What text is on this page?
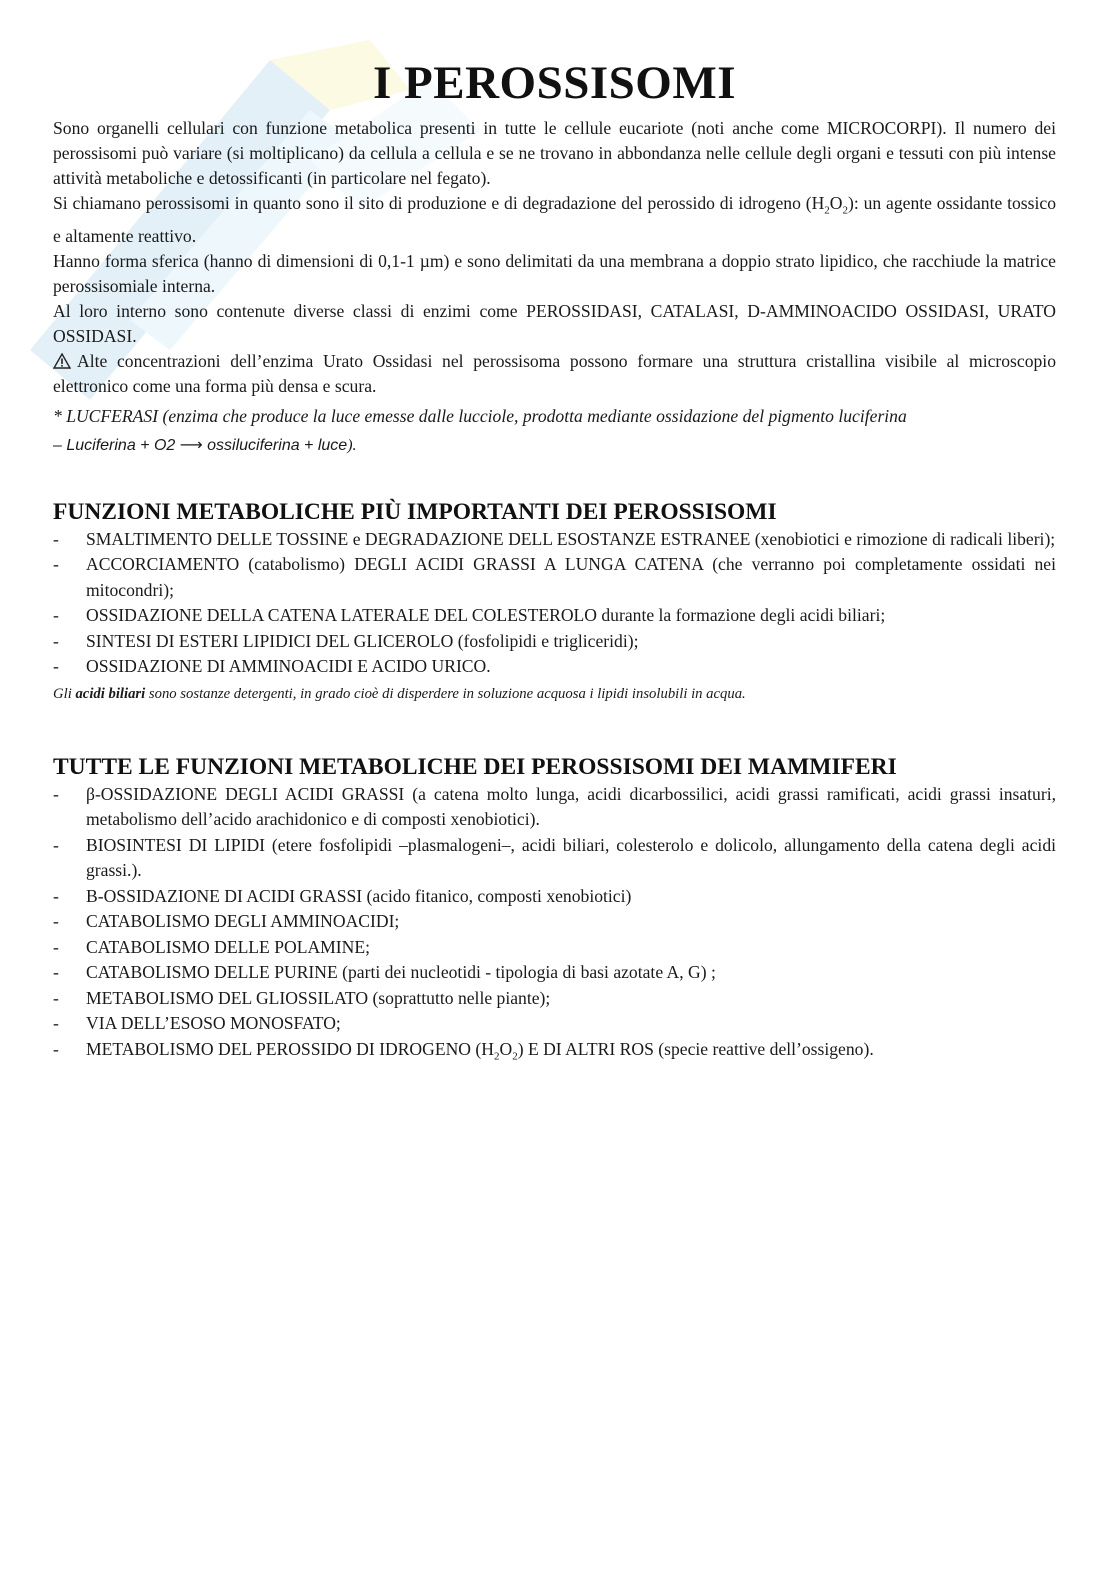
I PEROSSISOMI

Sono organelli cellulari con funzione metabolica presenti in tutte le cellule eucariote (noti anche come MICROCORPI). Il numero dei perossisomi può variare (si moltiplicano) da cellula a cellula e se ne trovano in abbondanza nelle cellule degli organi e tessuti con più intense attività metaboliche e detossificanti (in particolare nel fegato).

Si chiamano perossisomi in quanto sono il sito di produzione e di degradazione del perossido di idrogeno $(H_2O_2)$: un agente ossidante tossico e altamente reattivo.

Hanno forma sferica (hanno di dimensioni di 0,1-1 µm) e sono delimitati da una membrana a doppio strato lipidico, che racchiude la matrice perossisomiale interna.

Al loro interno sono contenute diverse classi di enzimi come PEROSSIDASI, CATALASI, D-AMMINOACIDO OSSIDASI, URATO OSSIDASI.

Alte concentrazioni dell’enzima Urato Ossidasi nel perossisoma possono formare una struttura cristallina visibile al microscopio elettronico come una forma più densa e scura.

* LUCFERASI (enzima che produce la luce emesse dalle lucciole, prodotta mediante ossidazione del pigmento luciferina

– Luciferina + O2 ⟶ ossiluciferina + luce).

FUNZIONI METABOLICHE PIÙ IMPORTANTI DEI PEROSSISOMI
- SMALTIMENTO DELLE TOSSINE e DEGRADAZIONE DELL ESOSTANZE ESTRANEE (xenobiotici e rimozione di radicali liberi);
- ACCORCIAMENTO (catabolismo) DEGLI ACIDI GRASSI A LUNGA CATENA (che verranno poi completamente ossidati nei mitocondri);
- OSSIDAZIONE DELLA CATENA LATERALE DEL COLESTEROLO durante la formazione degli acidi biliari;
- SINTESI DI ESTERI LIPIDICI DEL GLICEROLO (fosfolipidi e trigliceridi);
- OSSIDAZIONE DI AMMINOACIDI E ACIDO URICO.

Gli acidi biliari sono sostanze detergenti, in grado cioè di disperdere in soluzione acquosa i lipidi insolubili in acqua.

TUTTE LE FUNZIONI METABOLICHE DEI PEROSSISOMI DEI MAMMIFERI
- β-OSSIDAZIONE DEGLI ACIDI GRASSI (a catena molto lunga, acidi dicarbossilici, acidi grassi ramificati, acidi grassi insaturi, metabolismo dell’acido arachidonico e di composti xenobiotici).
- BIOSINTESI DI LIPIDI (etere fosfolipidi –plasmalogeni–, acidi biliari, colesterolo e dolicolo, allungamento della catena degli acidi grassi.).
- B-OSSIDAZIONE DI ACIDI GRASSI (acido fitanico, composti xenobiotici)
- CATABOLISMO DEGLI AMMINOACIDI;
- CATABOLISMO DELLE POLAMINE;
- CATABOLISMO DELLE PURINE (parti dei nucleotidi - tipologia di basi azotate A, G) ;
- METABOLISMO DEL GLIOSSILATO (soprattutto nelle piante);
- VIA DELL’ESOSO MONOSFATO;
- METABOLISMO DEL PEROSSIDO DI IDROGENO $(H_2O_2)$ E DI ALTRI ROS (specie reattive dell’ossigeno).
